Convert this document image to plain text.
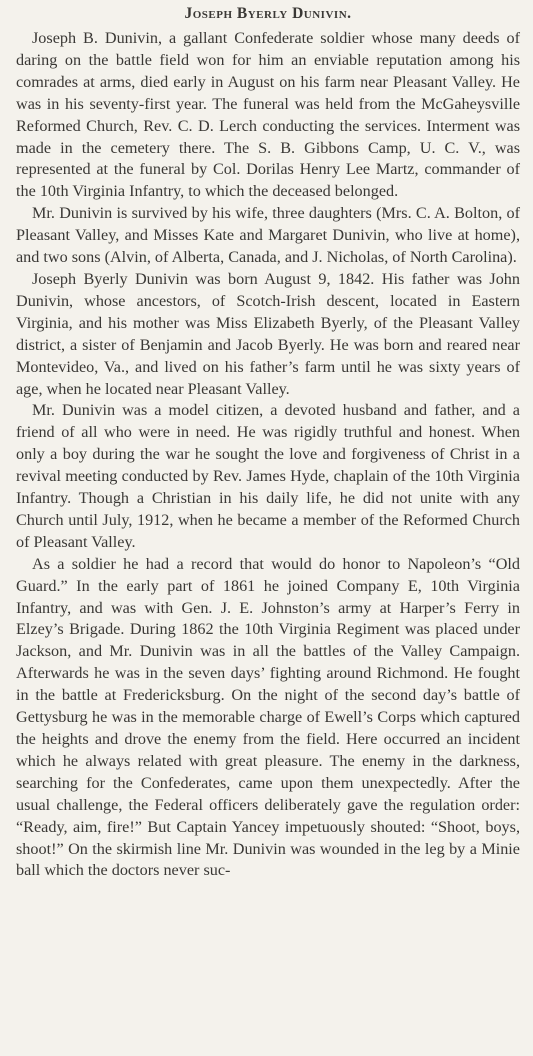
Joseph Byerly Dunivin.

Joseph B. Dunivin, a gallant Confederate soldier whose many deeds of daring on the battle field won for him an enviable reputation among his comrades at arms, died early in August on his farm near Pleasant Valley. He was in his seventy-first year. The funeral was held from the McGaheysville Reformed Church, Rev. C. D. Lerch conducting the services. Interment was made in the cemetery there. The S. B. Gibbons Camp, U. C. V., was represented at the funeral by Col. Dorilas Henry Lee Martz, commander of the 10th Virginia Infantry, to which the deceased belonged.

Mr. Dunivin is survived by his wife, three daughters (Mrs. C. A. Bolton, of Pleasant Valley, and Misses Kate and Margaret Dunivin, who live at home), and two sons (Alvin, of Alberta, Canada, and J. Nicholas, of North Carolina).

Joseph Byerly Dunivin was born August 9, 1842. His father was John Dunivin, whose ancestors, of Scotch-Irish descent, located in Eastern Virginia, and his mother was Miss Elizabeth Byerly, of the Pleasant Valley district, a sister of Benjamin and Jacob Byerly. He was born and reared near Montevideo, Va., and lived on his father’s farm until he was sixty years of age, when he located near Pleasant Valley.

Mr. Dunivin was a model citizen, a devoted husband and father, and a friend of all who were in need. He was rigidly truthful and honest. When only a boy during the war he sought the love and forgiveness of Christ in a revival meeting conducted by Rev. James Hyde, chaplain of the 10th Virginia Infantry. Though a Christian in his daily life, he did not unite with any Church until July, 1912, when he became a member of the Reformed Church of Pleasant Valley.

As a soldier he had a record that would do honor to Napoleon’s “Old Guard.” In the early part of 1861 he joined Company E, 10th Virginia Infantry, and was with Gen. J. E. Johnston’s army at Harper’s Ferry in Elzey’s Brigade. During 1862 the 10th Virginia Regiment was placed under Jackson, and Mr. Dunivin was in all the battles of the Valley Campaign. Afterwards he was in the seven days’ fighting around Richmond. He fought in the battle at Fredericksburg. On the night of the second day’s battle of Gettysburg he was in the memorable charge of Ewell’s Corps which captured the heights and drove the enemy from the field. Here occurred an incident which he always related with great pleasure. The enemy in the darkness, searching for the Confederates, came upon them unexpectedly. After the usual challenge, the Federal officers deliberately gave the regulation order: “Ready, aim, fire!” But Captain Yancey impetuously shouted: “Shoot, boys, shoot!” On the skirmish line Mr. Dunivin was wounded in the leg by a Minie ball which the doctors never suc-
